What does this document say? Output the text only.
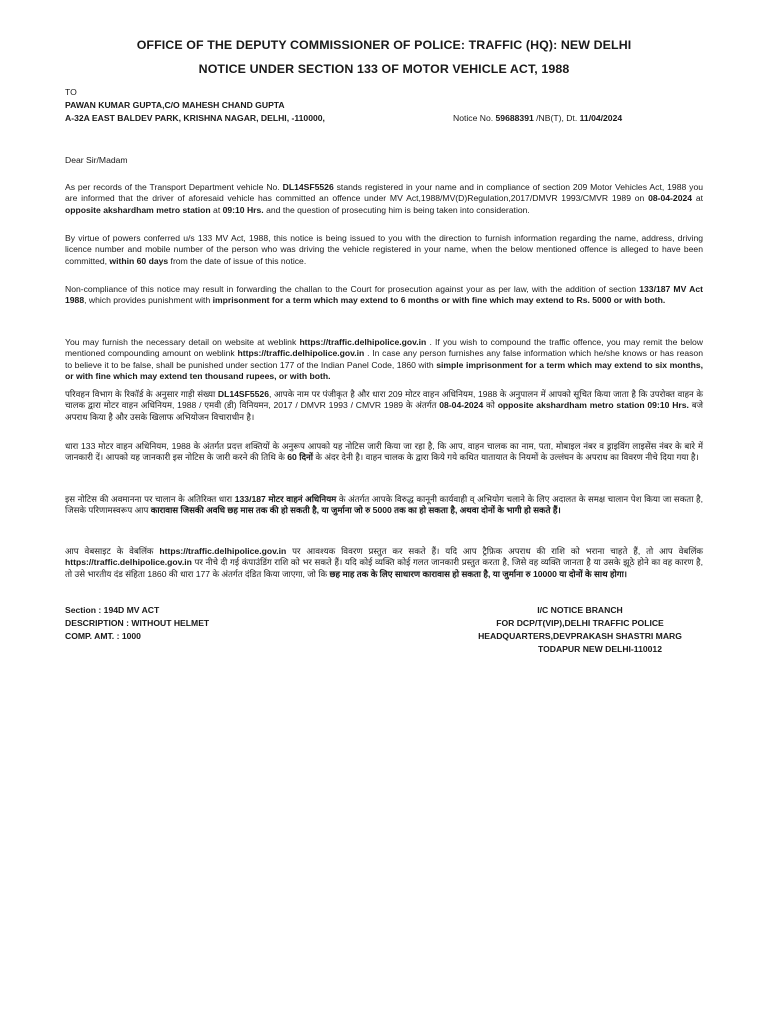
OFFICE OF THE DEPUTY COMMISSIONER OF POLICE: TRAFFIC (HQ): NEW DELHI
NOTICE UNDER SECTION 133 OF MOTOR VEHICLE ACT, 1988
TO
PAWAN KUMAR GUPTA,C/O MAHESH CHAND GUPTA
A-32A EAST BALDEV PARK, KRISHNA NAGAR, DELHI, -110000,	Notice No. 59688391 /NB(T), Dt. 11/04/2024
Dear Sir/Madam

As per records of the Transport Department vehicle No. DL14SF5526 stands registered in your name and in compliance of section 209 Motor Vehicles Act, 1988 you are informed that the driver of aforesaid vehicle has committed an offence under MV Act,1988/MV(D)Regulation,2017/DMVR 1993/CMVR 1989 on 08-04-2024 at opposite akshardham metro station at 09:10 Hrs. and the question of prosecuting him is being taken into consideration.

By virtue of powers conferred u/s 133 MV Act, 1988, this notice is being issued to you with the direction to furnish information regarding the name, address, driving licence number and mobile number of the person who was driving the vehicle registered in your name, when the below mentioned offence is alleged to have been committed, within 60 days from the date of issue of this notice.

Non-compliance of this notice may result in forwarding the challan to the Court for prosecution against your as per law, with the addition of section 133/187 MV Act 1988, which provides punishment with imprisonment for a term which may extend to 6 months or with fine which may extend to Rs. 5000 or with both.

You may furnish the necessary detail on website at weblink https://traffic.delhipolice.gov.in . If you wish to compound the traffic offence, you may remit the below mentioned compounding amount on weblink https://traffic.delhipolice.gov.in . In case any person furnishes any false information which he/she knows or has reason to believe it to be false, shall be punished under section 177 of the Indian Panel Code, 1860 with simple imprisonment for a term which may extend to six months, or with fine which may extend ten thousand rupees, or with both.

परिवहन विभाग के रिकॉर्ड के अनुसार गाड़ी संख्या DL14SF5526, आपके नाम पर पंजीकृत है और धारा 209 मोटर वाहन अधिनियम, 1988 के अनुपालन में आपको सूचित किया जाता है कि उपरोक्त वाहन के चालक द्वारा मोटर वाहन अधिनियम, 1988 / एमवी (डी) विनियमन, 2017 / DMVR 1993 / CMVR 1989 के अंतर्गत 08-04-2024 को opposite akshardham metro station 09:10 Hrs. बजे अपराध किया है और उसके खिलाफ अभियोजन विचाराधीन है।

धारा 133 मोटर वाहन अधिनियम, 1988 के अंतर्गत प्रदत्त शक्तियों के अनुरूप आपको यह नोटिस जारी किया जा रहा है, कि आप, वाहन चालक का नाम, पता, मोबाइल नंबर व ड्राइविंग लाइसेंस नंबर के बारे में जानकारी दें। आपको यह जानकारी इस नोटिस के जारी करने की तिथि के 60 दिनों के अंदर देनी है। वाहन चालक के द्वारा किये गये कथित यातायात के नियमों के उल्लंघन के अपराध का विवरण नीचे दिया गया है।

इस नोटिस की अवमानना पर चालान के अतिरिक्त धारा 133/187 मोटर वाहनं अधिनियम के अंतर्गत आपके विरुद्ध कानूनी कार्यवाही व् अभियोग चलाने के लिए अदालत के समक्ष चालान पेश किया जा सकता है, जिसके परिणामस्वरूप आप कारावास जिसकी अवधि छह मास तक की हो सकती है, या जुर्माना जो रु 5000 तक का हो सकता है, अथवा दोनों के भागी हो सकते हैं।

आप वेबसाइट के वेबलिंक https://traffic.delhipolice.gov.in पर आवश्यक विवरण प्रस्तुत कर सकते हैं। यदि आप ट्रैफ़िक अपराध की राशि को भराना चाहते हैं, तो आप वेबलिंक https://traffic.delhipolice.gov.in पर नीचे दी गई कंपाउंडिंग राशि को भर सकते हैं। यदि कोई व्यक्ति कोई गलत जानकारी प्रस्तुत करता है, जिसे वह व्यक्ति जानता है या उसके झूठे होने का वह कारण है, तो उसे भारतीय दंड संहिता 1860 की धारा 177 के अंतर्गत दंडित किया जाएगा, जो कि छह माह तक के लिए साधारण कारावास हो सकता है, या जुर्माना रु 10000 या दोनों के साथ होगा।

Section : 194D MV ACT
DESCRIPTION : WITHOUT HELMET
COMP. AMT. : 1000
I/C NOTICE BRANCH
FOR DCP/T(VIP),DELHI TRAFFIC POLICE
HEADQUARTERS,DEVPRAKASH SHASTRI MARG
TODAPUR NEW DELHI-110012
